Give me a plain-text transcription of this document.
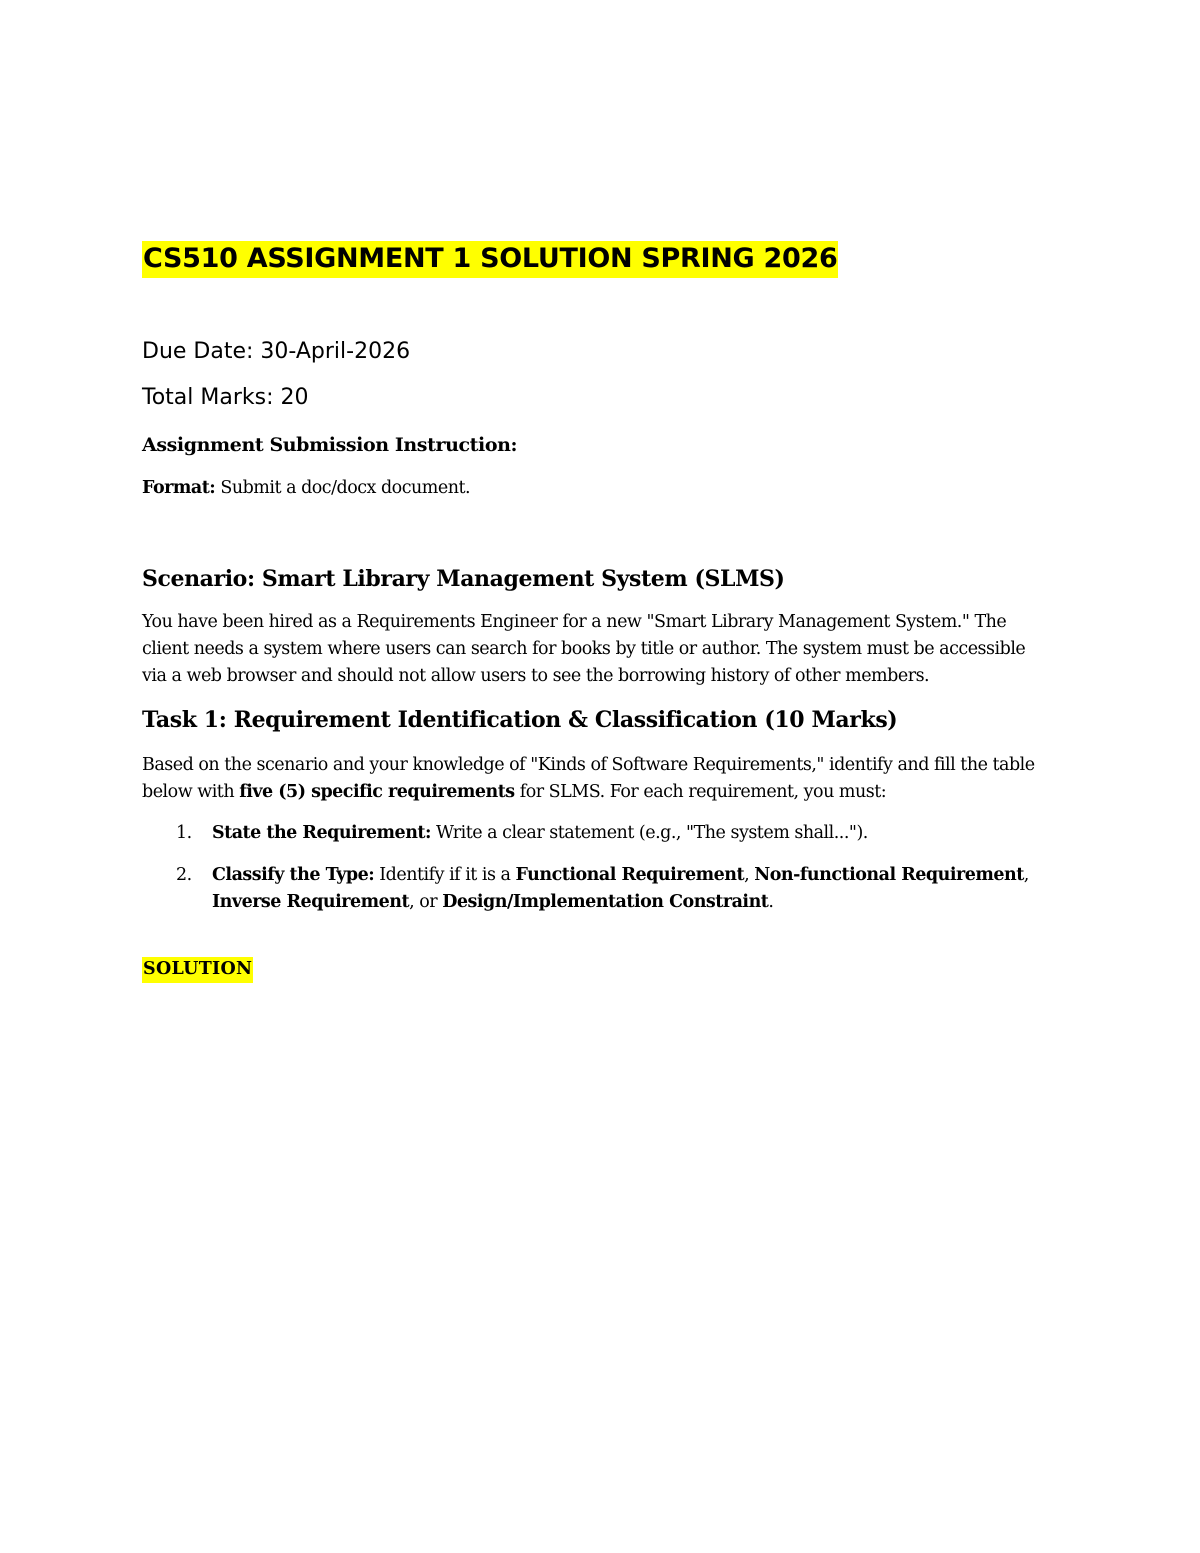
CS510 ASSIGNMENT 1 SOLUTION SPRING 2026

Due Date: 30-April-2026

Total Marks: 20

Assignment Submission Instruction:

Format: Submit a doc/docx document.

Scenario: Smart Library Management System (SLMS)

You have been hired as a Requirements Engineer for a new "Smart Library Management System." The client needs a system where users can search for books by title or author. The system must be accessible via a web browser and should not allow users to see the borrowing history of other members.

Task 1: Requirement Identification & Classification (10 Marks)

Based on the scenario and your knowledge of "Kinds of Software Requirements," identify and fill the table below with five (5) specific requirements for SLMS. For each requirement, you must:

1. State the Requirement: Write a clear statement (e.g., "The system shall...").
2. Classify the Type: Identify if it is a Functional Requirement, Non-functional Requirement, Inverse Requirement, or Design/Implementation Constraint.

SOLUTION
